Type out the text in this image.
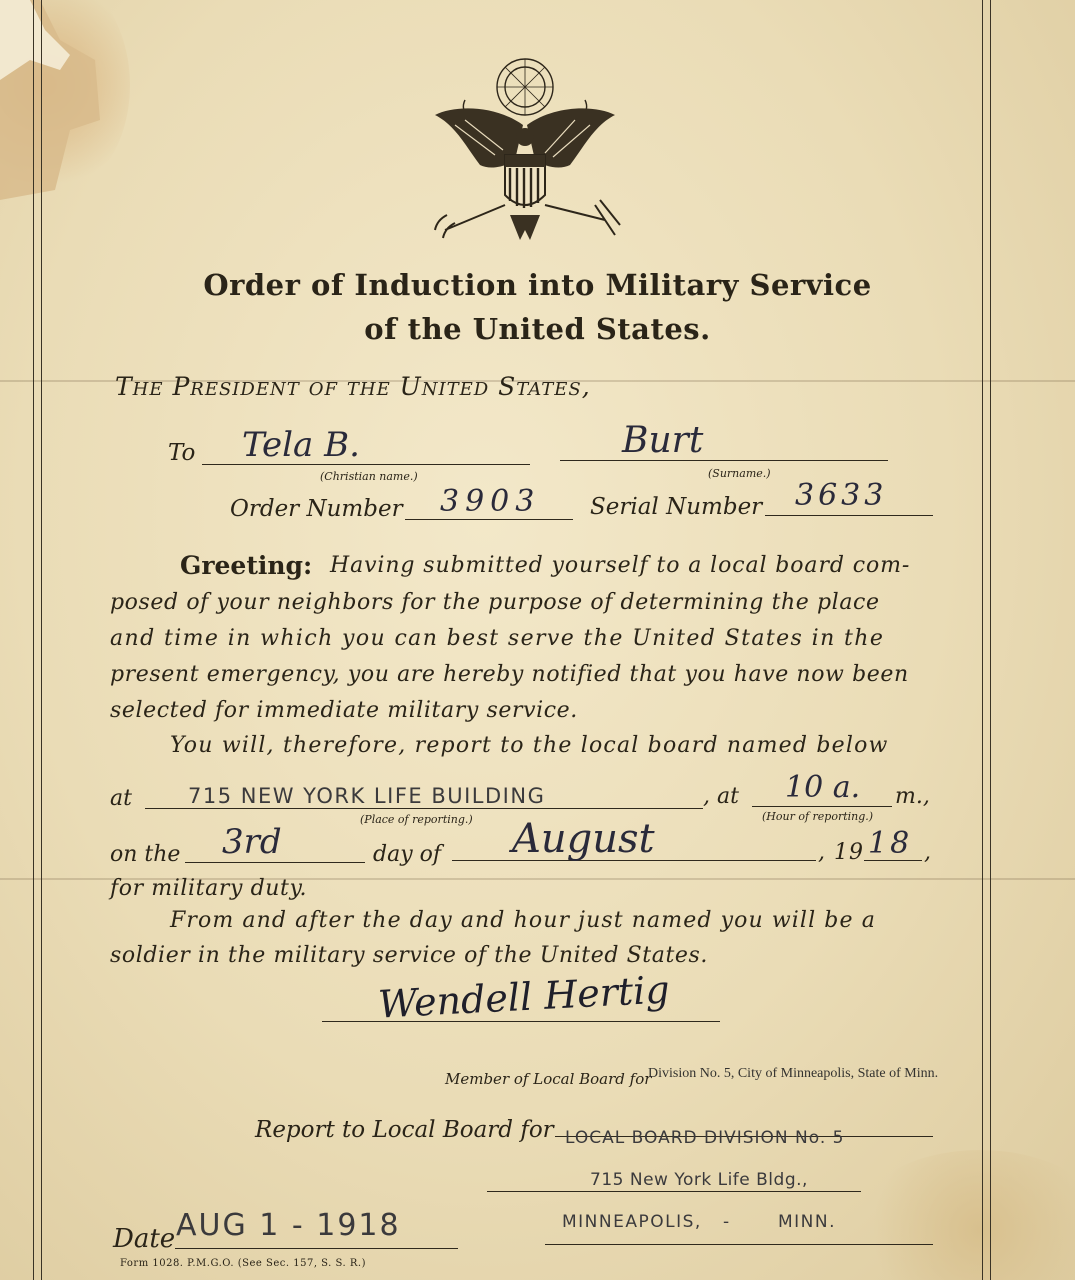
Order of Induction into Military Service
of the United States.
The President of the United States,
To Tela B.
(Christian name.)
Burt
(Surname.)
Order Number 3903 Serial Number 3633
Greeting: Having submitted yourself to a local board com-
posed of your neighbors for the purpose of determining the place
and time in which you can best serve the United States in the
present emergency, you are hereby notified that you have now been
selected for immediate military service.
You will, therefore, report to the local board named below
at	715 NEW YORK LIFE BUILDING
(Place of reporting.)
, at 10 a. m.,
(Hour of reporting.)
on the 3rd	day of August	, 19 18 ,
for military duty.
From and after the day and hour just named you will be a
soldier in the military service of the United States.
Wendell Hertig
Member of Local Board for
Division No. 5, City of Minneapolis, State of Minn.
Report to Local Board for LOCAL BOARD DIVISION No. 5
715 New York Life Bldg.,
MINNEAPOLIS, -	MINN.
Date AUG 1 - 1918
Form 1028. P.M.G.O. (See Sec. 157, S. S. R.)
